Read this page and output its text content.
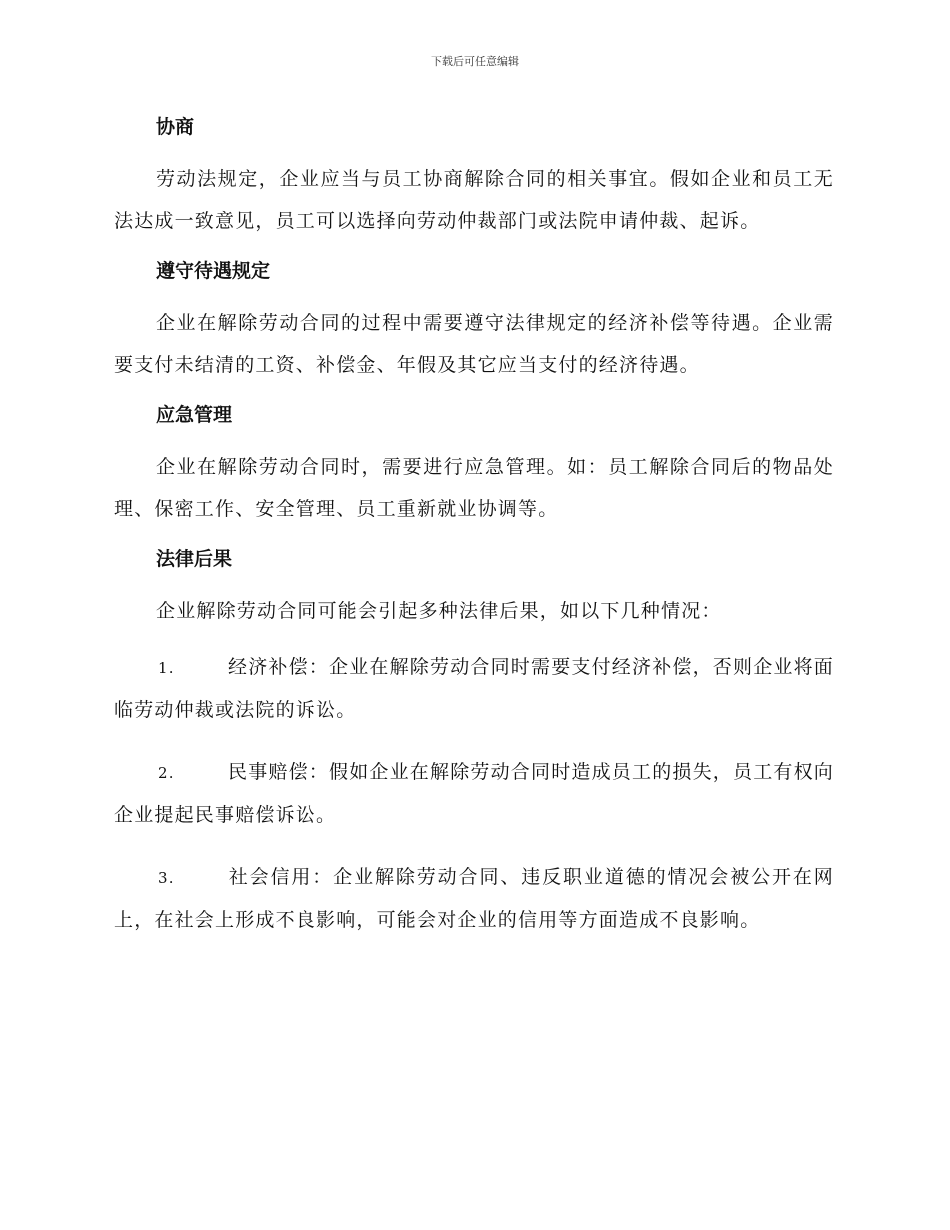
下载后可任意编辑
协商

劳动法规定，企业应当与员工协商解除合同的相关事宜。假如企业和员工无法达成一致意见，员工可以选择向劳动仲裁部门或法院申请仲裁、起诉。

遵守待遇规定

企业在解除劳动合同的过程中需要遵守法律规定的经济补偿等待遇。企业需要支付未结清的工资、补偿金、年假及其它应当支付的经济待遇。

应急管理

企业在解除劳动合同时，需要进行应急管理。如：员工解除合同后的物品处理、保密工作、安全管理、员工重新就业协调等。

法律后果

企业解除劳动合同可能会引起多种法律后果，如以下几种情况：

1.	经济补偿：企业在解除劳动合同时需要支付经济补偿，否则企业将面临劳动仲裁或法院的诉讼。

2.	民事赔偿：假如企业在解除劳动合同时造成员工的损失，员工有权向企业提起民事赔偿诉讼。

3.	社会信用：企业解除劳动合同、违反职业道德的情况会被公开在网上，在社会上形成不良影响，可能会对企业的信用等方面造成不良影响。
